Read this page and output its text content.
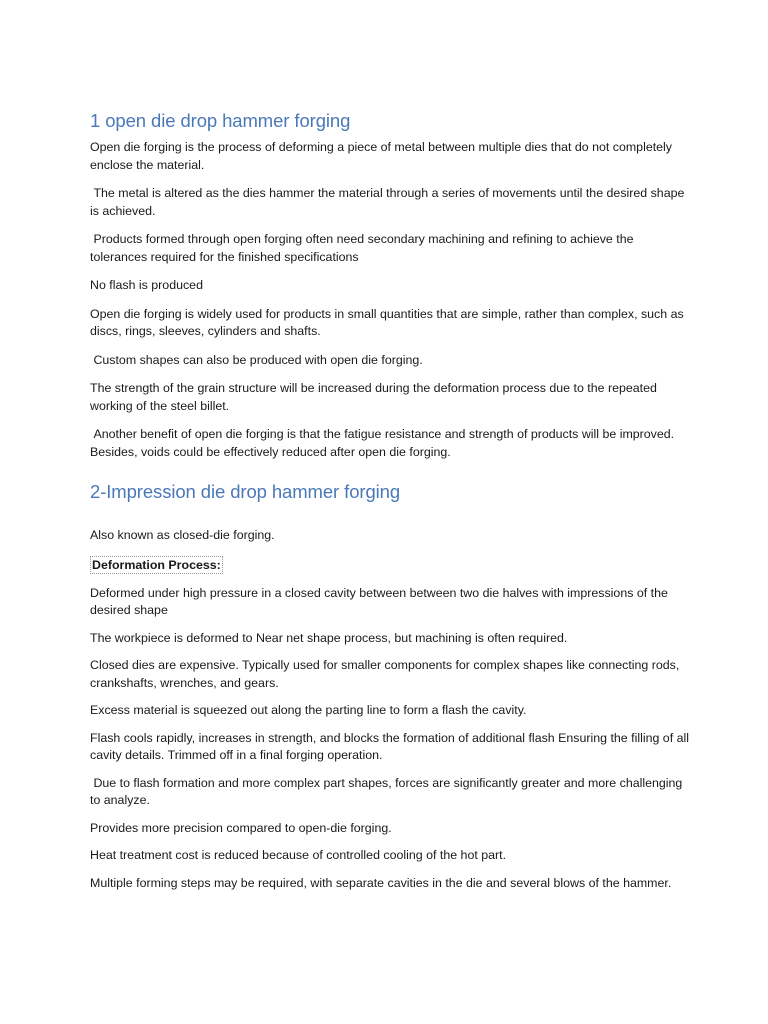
1 open die drop hammer forging

Open die forging is the process of deforming a piece of metal between multiple dies that do not completely enclose the material.

The metal is altered as the dies hammer the material through a series of movements until the desired shape is achieved.

Products formed through open forging often need secondary machining and refining to achieve the tolerances required for the finished specifications

No flash is produced

Open die forging is widely used for products in small quantities that are simple, rather than complex, such as discs, rings, sleeves, cylinders and shafts.

Custom shapes can also be produced with open die forging.

The strength of the grain structure will be increased during the deformation process due to the repeated working of the steel billet.

Another benefit of open die forging is that the fatigue resistance and strength of products will be improved. Besides, voids could be effectively reduced after open die forging.

2-Impression die drop hammer forging

Also known as closed-die forging.

Deformation Process:

Deformed under high pressure in a closed cavity between between two die halves with impressions of the desired shape

The workpiece is deformed to Near net shape process, but machining is often required.

Closed dies are expensive. Typically used for smaller components for complex shapes like connecting rods, crankshafts, wrenches, and gears.

Excess material is squeezed out along the parting line to form a flash the cavity.

Flash cools rapidly, increases in strength, and blocks the formation of additional flash Ensuring the filling of all cavity details. Trimmed off in a final forging operation.

Due to flash formation and more complex part shapes, forces are significantly greater and more challenging to analyze.

Provides more precision compared to open-die forging.

Heat treatment cost is reduced because of controlled cooling of the hot part.

Multiple forming steps may be required, with separate cavities in the die and several blows of the hammer.
